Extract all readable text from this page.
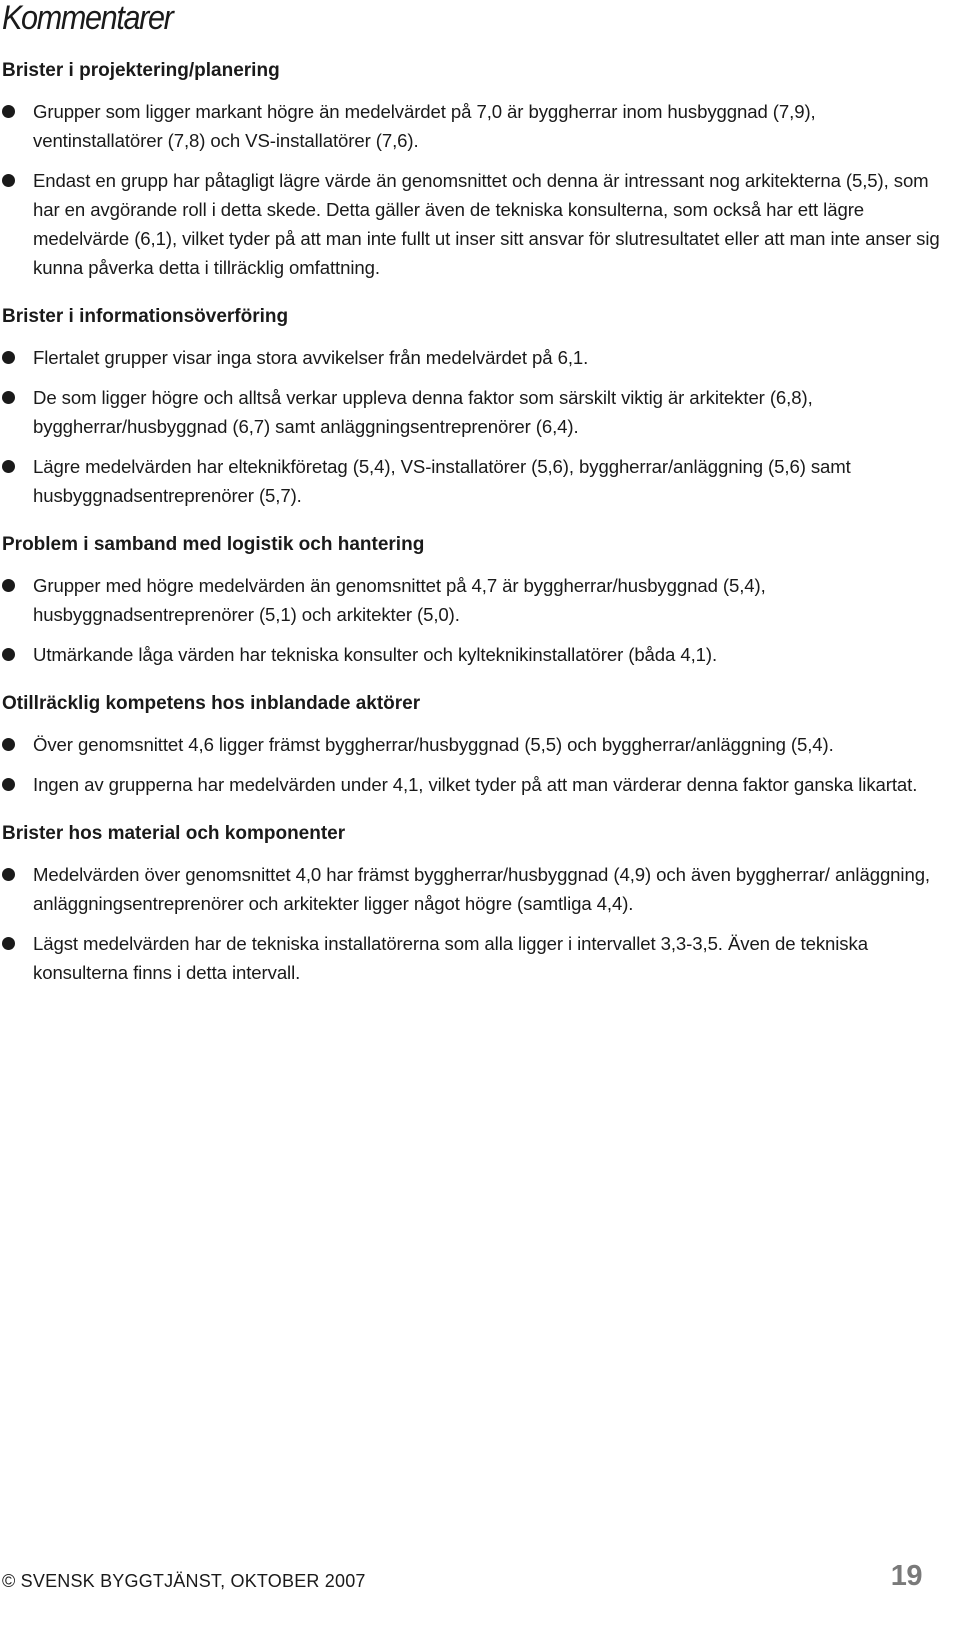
Kommentarer
Brister i projektering/planering
Grupper som ligger markant högre än medelvärdet på 7,0 är byggherrar inom husbyggnad (7,9), ventinstallatörer (7,8) och VS-installatörer (7,6).
Endast en grupp har påtagligt lägre värde än genomsnittet och denna är intressant nog arkitekterna (5,5), som har en avgörande roll i detta skede. Detta gäller även de tekniska konsulterna, som också har ett lägre medelvärde (6,1), vilket tyder på att man inte fullt ut inser sitt ansvar för slutresultatet eller att man inte anser sig kunna påverka detta i tillräcklig omfattning.
Brister i informationsöverföring
Flertalet grupper visar inga stora avvikelser från medelvärdet på 6,1.
De som ligger högre och alltså verkar uppleva denna faktor som särskilt viktig är arkitekter (6,8), byggherrar/husbyggnad (6,7) samt anläggningsentreprenörer (6,4).
Lägre medelvärden har elteknikföretag (5,4), VS-installatörer (5,6), byggherrar/anläggning (5,6) samt husbyggnadsentreprenörer (5,7).
Problem i samband med logistik och hantering
Grupper med högre medelvärden än genomsnittet på 4,7 är byggherrar/husbyggnad (5,4), husbyggnadsentreprenörer (5,1) och arkitekter (5,0).
Utmärkande låga värden har tekniska konsulter och kylteknikinstallatörer (båda 4,1).
Otillräcklig kompetens hos inblandade aktörer
Över genomsnittet 4,6 ligger främst byggherrar/husbyggnad (5,5) och byggherrar/anläggning (5,4).
Ingen av grupperna har medelvärden under 4,1, vilket tyder på att man värderar denna faktor ganska likartat.
Brister hos material och komponenter
Medelvärden över genomsnittet 4,0 har främst byggherrar/husbyggnad (4,9) och även byggherrar/ anläggning, anläggningsentreprenörer och arkitekter ligger något högre (samtliga 4,4).
Lägst medelvärden har de tekniska installatörerna som alla ligger i intervallet 3,3-3,5. Även de tekniska konsulterna finns i detta intervall.
© SVENSK BYGGTJÄNST, OKTOBER 2007	19
